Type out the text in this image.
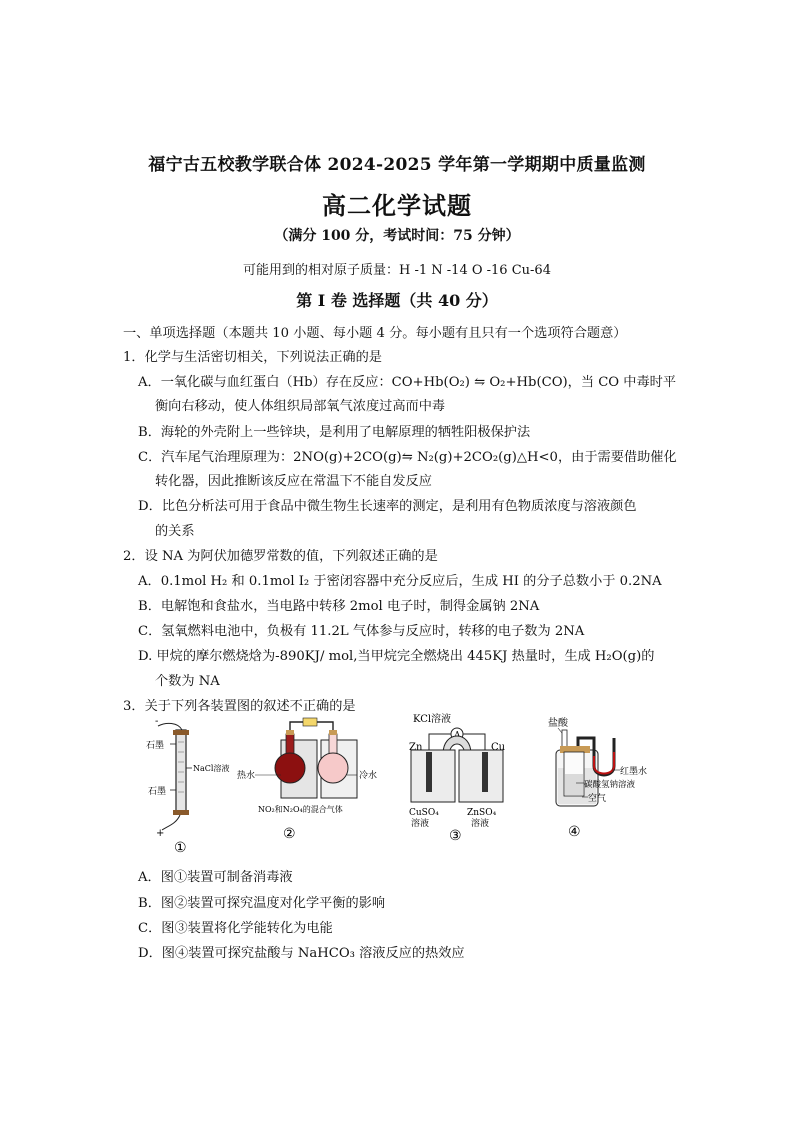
福宁古五校教学联合体 2024-2025 学年第一学期期中质量监测
高二化学试题
（满分 100 分，考试时间：75 分钟）
可能用到的相对原子质量：H -1 N -14 O -16 Cu-64
第 I 卷 选择题（共 40 分）
一、单项选择题（本题共 10 小题、每小题 4 分。每小题有且只有一个选项符合题意）
1．化学与生活密切相关，下列说法正确的是
A．一氧化碳与血红蛋白（Hb）存在反应：CO+Hb(O₂) ⇋ O₂+Hb(CO)，当 CO 中毒时平
衡向右移动，使人体组织局部氧气浓度过高而中毒
B．海轮的外壳附上一些锌块，是利用了电解原理的牺牲阳极保护法
C．汽车尾气治理原理为：2NO(g)+2CO(g)⇋ N₂(g)+2CO₂(g)△H<0，由于需要借助催化
转化器，因此推断该反应在常温下不能自发反应
D．比色分析法可用于食品中微生物生长速率的测定，是利用有色物质浓度与溶液颜色
的关系
2．设 NA 为阿伏加德罗常数的值，下列叙述正确的是
A．0.1mol H₂ 和 0.1mol I₂ 于密闭容器中充分反应后，生成 HI 的分子总数小于 0.2NA
B．电解饱和食盐水，当电路中转移 2mol 电子时，制得金属钠 2NA
C．氢氧燃料电池中，负极有 11.2L 气体参与反应时，转移的电子数为 2NA
D. 甲烷的摩尔燃烧焓为-890KJ/ mol,当甲烷完全燃烧出 445KJ 热量时，生成 H₂O(g)的
个数为 NA
3．关于下列各装置图的叙述不正确的是
-
石墨
NaCl溶液
石墨
+
①
热水	冷水
NO₂和N₂O₄的混合气体
②
KCl溶液
Zn	Cu
CuSO₄
溶液
ZnSO₄
溶液
③
盐酸
红墨水
碳酸氢钠溶液
空气
④
A．图①装置可制备消毒液
B．图②装置可探究温度对化学平衡的影响
C．图③装置将化学能转化为电能
D．图④装置可探究盐酸与 NaHCO₃ 溶液反应的热效应
